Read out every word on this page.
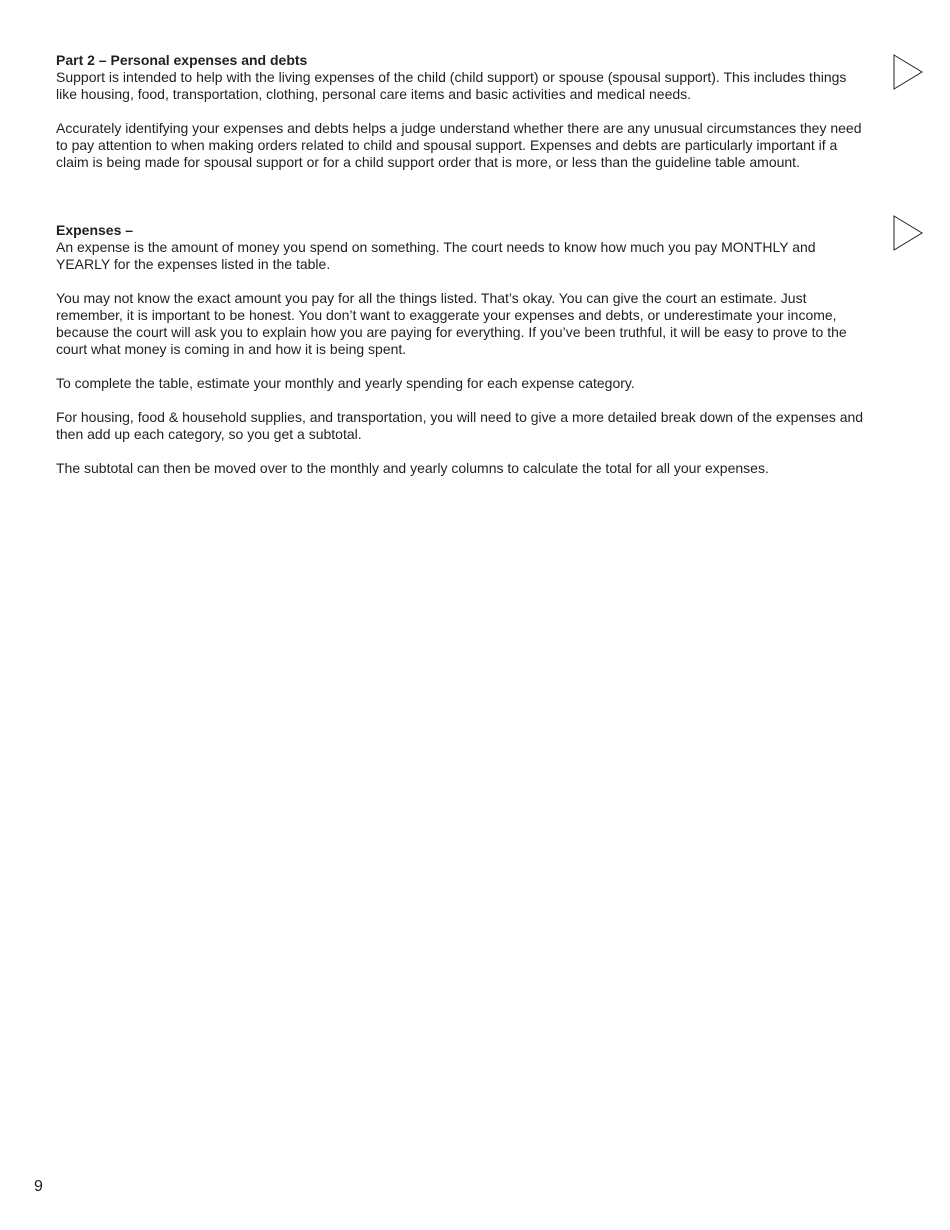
Part 2 – Personal expenses and debts

Support is intended to help with the living expenses of the child (child support) or spouse (spousal support). This includes things like housing, food, transportation, clothing, personal care items and basic activities and medical needs.

Accurately identifying your expenses and debts helps a judge understand whether there are any unusual circumstances they need to pay attention to when making orders related to child and spousal support. Expenses and debts are particularly important if a claim is being made for spousal support or for a child support order that is more, or less than the guideline table amount.

Expenses –

An expense is the amount of money you spend on something. The court needs to know how much you pay MONTHLY and YEARLY for the expenses listed in the table.

You may not know the exact amount you pay for all the things listed. That’s okay. You can give the court an estimate. Just remember, it is important to be honest. You don’t want to exaggerate your expenses and debts, or underestimate your income, because the court will ask you to explain how you are paying for everything. If you’ve been truthful, it will be easy to prove to the court what money is coming in and how it is being spent.

To complete the table, estimate your monthly and yearly spending for each expense category.

For housing, food & household supplies, and transportation, you will need to give a more detailed break down of the expenses and then add up each category, so you get a subtotal.

The subtotal can then be moved over to the monthly and yearly columns to calculate the total for all your expenses.

9
